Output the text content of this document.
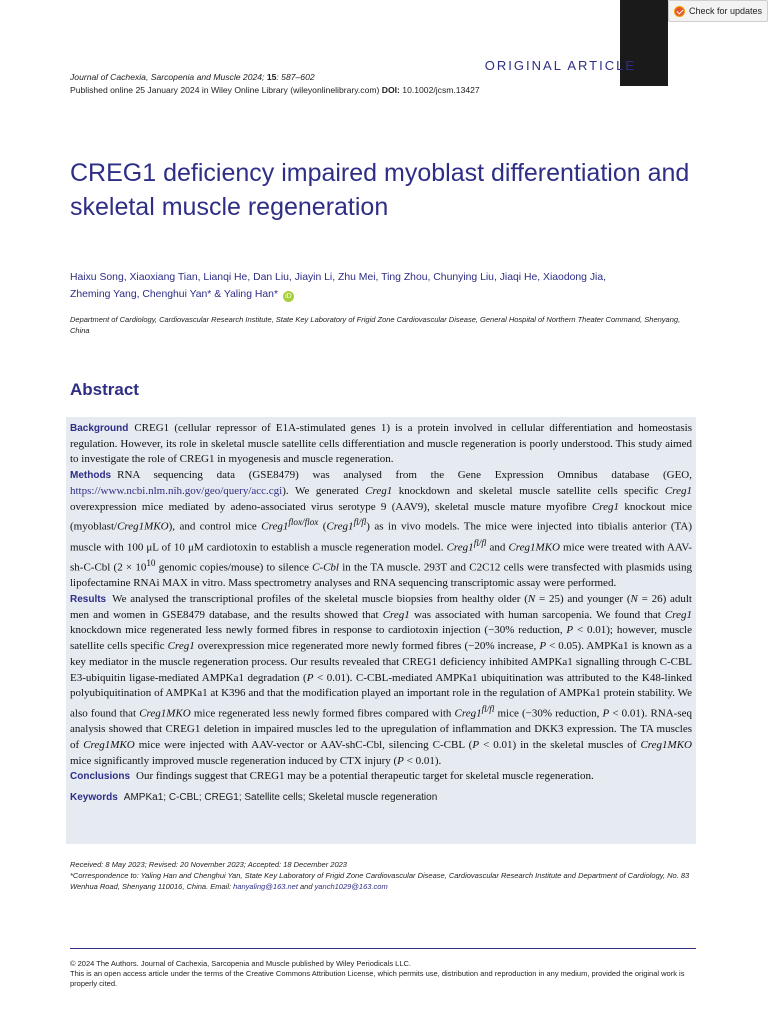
Check for updates
ORIGINAL ARTICLE
Journal of Cachexia, Sarcopenia and Muscle 2024; 15: 587–602
Published online 25 January 2024 in Wiley Online Library (wileyonlinelibrary.com) DOI: 10.1002/jcsm.13427
CREG1 deficiency impaired myoblast differentiation and skeletal muscle regeneration
Haixu Song, Xiaoxiang Tian, Lianqi He, Dan Liu, Jiayin Li, Zhu Mei, Ting Zhou, Chunying Liu, Jiaqi He, Xiaodong Jia,
Zheming Yang, Chenghui Yan* & Yaling Han* iD
Department of Cardiology, Cardiovascular Research Institute, State Key Laboratory of Frigid Zone Cardiovascular Disease, General Hospital of Northern Theater Command, Shenyang, China
Abstract

Background CREG1 (cellular repressor of E1A-stimulated genes 1) is a protein involved in cellular differentiation and homeostasis regulation. However, its role in skeletal muscle satellite cells differentiation and muscle regeneration is poorly understood. This study aimed to investigate the role of CREG1 in myogenesis and muscle regeneration.

Methods RNA sequencing data (GSE8479) was analysed from the Gene Expression Omnibus database (GEO, https://www.ncbi.nlm.nih.gov/geo/query/acc.cgi). We generated Creg1 knockdown and skeletal muscle satellite cells specific Creg1 overexpression mice mediated by adeno-associated virus serotype 9 (AAV9), skeletal muscle mature myofibre Creg1 knockout mice (myoblast/Creg1MKO), and control mice $Creg1^{flox/flox}$ $(Creg1^{fl/fl})$ as in vivo models. The mice were injected into tibialis anterior (TA) muscle with 100 μL of 10 μM cardiotoxin to establish a muscle regeneration model. $Creg1^{fl/fl}$ and Creg1MKO mice were treated with AAV-sh-C-Cbl ($2 \times 10^{10}$ genomic copies/mouse) to silence C-Cbl in the TA muscle. 293T and C2C12 cells were transfected with plasmids using lipofectamine RNAi MAX in vitro. Mass spectrometry analyses and RNA sequencing transcriptomic assay were performed.

Results We analysed the transcriptional profiles of the skeletal muscle biopsies from healthy older (N = 25) and younger (N = 26) adult men and women in GSE8479 database, and the results showed that Creg1 was associated with human sarcopenia. We found that Creg1 knockdown mice regenerated less newly formed fibres in response to cardiotoxin injection (−30% reduction, P < 0.01); however, muscle satellite cells specific Creg1 overexpression mice regenerated more newly formed fibres (−20% increase, P < 0.05). AMPKa1 is known as a key mediator in the muscle regeneration process. Our results revealed that CREG1 deficiency inhibited AMPKa1 signalling through C-CBL E3-ubiquitin ligase-mediated AMPKa1 degradation (P < 0.01). C-CBL-mediated AMPKa1 ubiquitination was attributed to the K48-linked polyubiquitination of AMPKa1 at K396 and that the modification played an important role in the regulation of AMPKa1 protein stability. We also found that Creg1MKO mice regenerated less newly formed fibres compared with $Creg1^{fl/fl}$ mice (−30% reduction, P < 0.01). RNA-seq analysis showed that CREG1 deletion in impaired muscles led to the upregulation of inflammation and DKK3 expression. The TA muscles of Creg1MKO mice were injected with AAV-vector or AAV-shC-Cbl, silencing C-CBL (P < 0.01) in the skeletal muscles of Creg1MKO mice significantly improved muscle regeneration induced by CTX injury (P < 0.01).

Conclusions Our findings suggest that CREG1 may be a potential therapeutic target for skeletal muscle regeneration.

Keywords AMPKa1; C-CBL; CREG1; Satellite cells; Skeletal muscle regeneration

Received: 8 May 2023; Revised: 20 November 2023; Accepted: 18 December 2023
*Correspondence to: Yaling Han and Chenghui Yan, State Key Laboratory of Frigid Zone Cardiovascular Disease, Cardiovascular Research Institute and Department of Cardiology, No. 83 Wenhua Road, Shenyang 110016, China. Email: hanyaling@163.net and yanch1029@163.com
© 2024 The Authors. Journal of Cachexia, Sarcopenia and Muscle published by Wiley Periodicals LLC.
This is an open access article under the terms of the Creative Commons Attribution License, which permits use, distribution and reproduction in any medium, provided the original work is properly cited.
